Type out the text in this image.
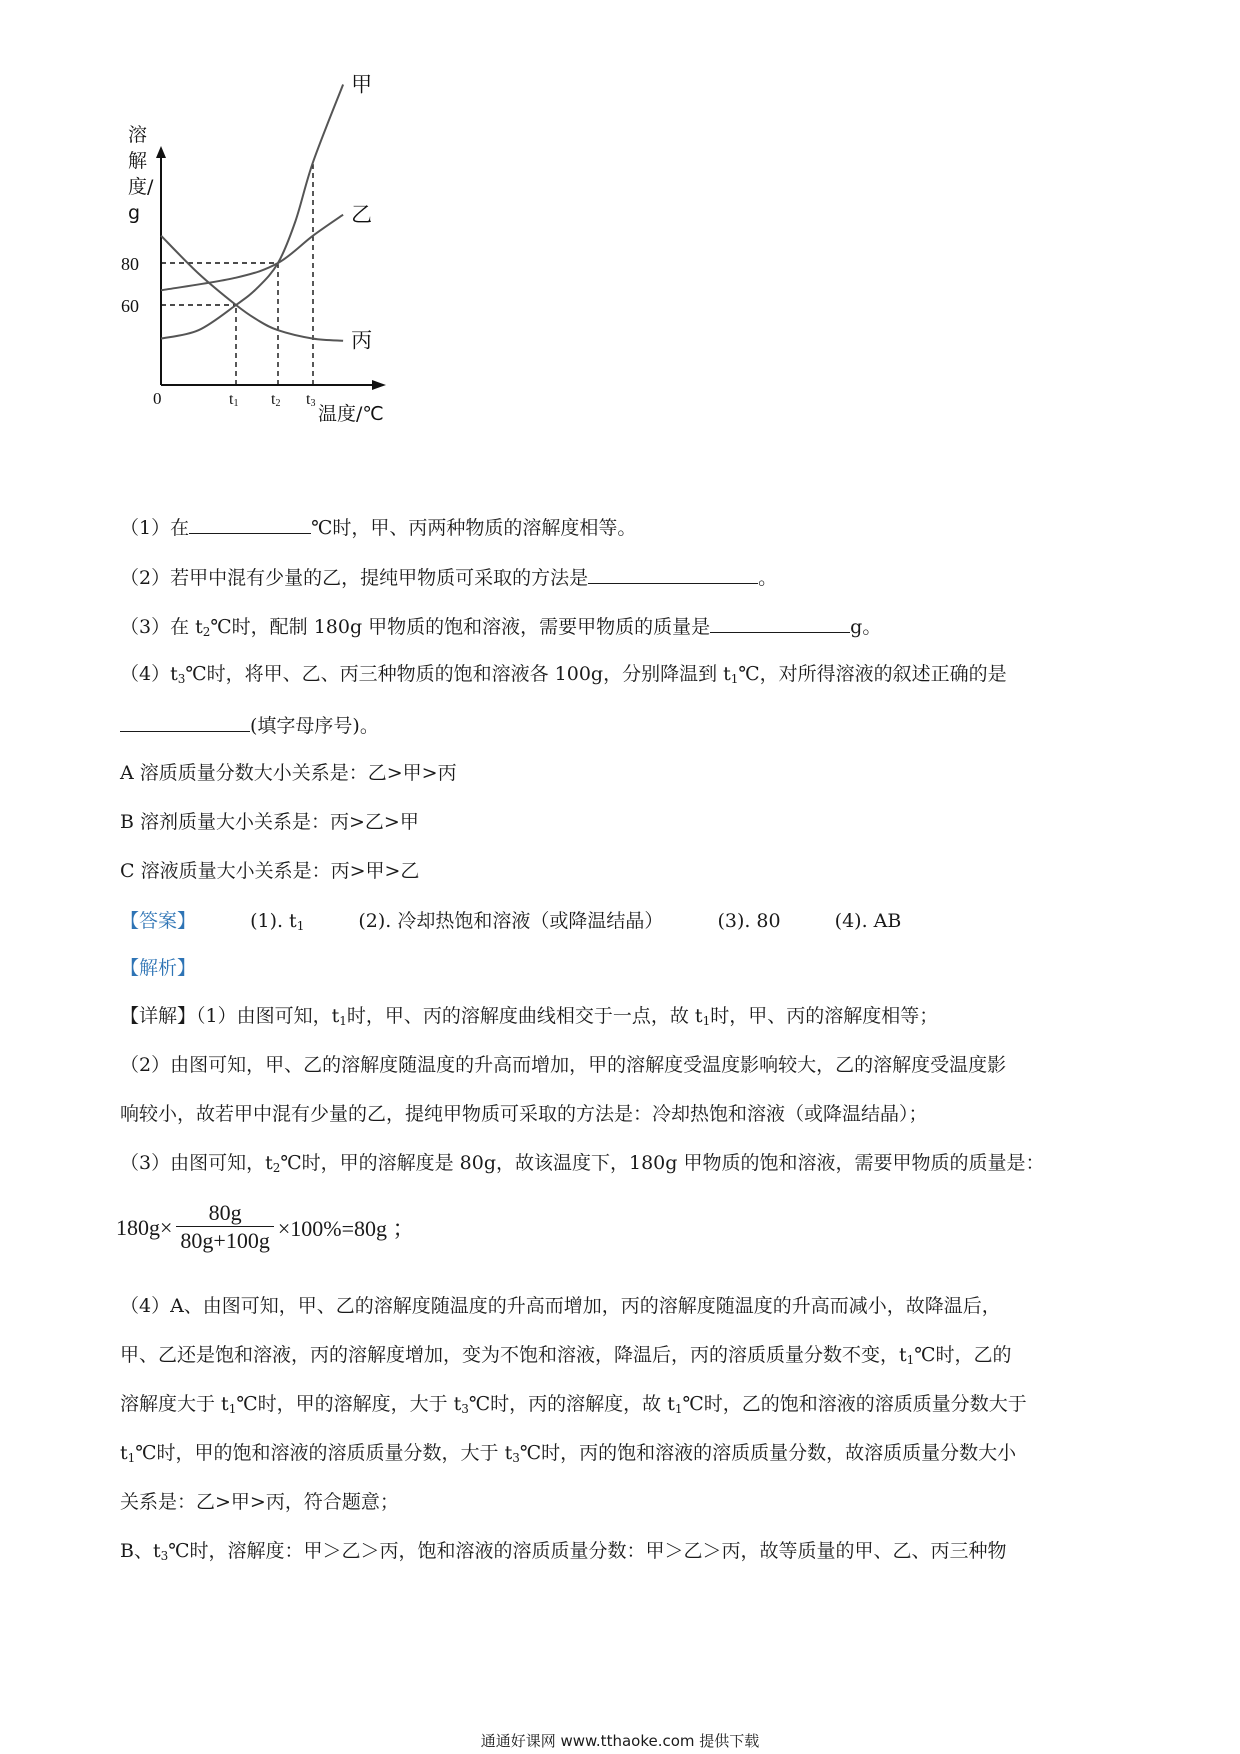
甲
乙
丙
60
80
0	t1 t2 t3 温度/℃
溶解度/g
（1）在	℃时，甲、丙两种物质的溶解度相等。
（2）若甲中混有少量的乙，提纯甲物质可采取的方法是	。
（3）在 $t_2℃$时，配制 180g 甲物质的饱和溶液，需要甲物质的质量是	g。
$(4)t_3℃$时，将甲、乙、丙三种物质的饱和溶液各 100g，分别降温到 $t_1℃$，对所得溶液的叙述正确的是
(填字母序号)。
A 溶质质量分数大小关系是：乙>甲>丙
B 溶剂质量大小关系是：丙>乙>甲
C 溶液质量大小关系是：丙>甲>乙
【答案】	(1). $t_1$	(2). 冷却热饱和溶液（或降温结晶）	(3). 80	(4). AB
【解析】
【详解】（1）由图可知，$t_1$时，甲、丙的溶解度曲线相交于一点，故 $t_1$时，甲、丙的溶解度相等；
（2）由图可知，甲、乙的溶解度随温度的升高而增加，甲的溶解度受温度影响较大，乙的溶解度受温度影
响较小，故若甲中混有少量的乙，提纯甲物质可采取的方法是：冷却热饱和溶液（或降温结晶）；
（3）由图可知，$t_2℃$时，甲的溶解度是 80g，故该温度下，180g 甲物质的饱和溶液，需要甲物质的质量是：
$180g\times \frac{80g}{80g+100g} \times 100\%=80g$ ；
（4）A、由图可知，甲、乙的溶解度随温度的升高而增加，丙的溶解度随温度的升高而减小，故降温后，
甲、乙还是饱和溶液，丙的溶解度增加，变为不饱和溶液，降温后，丙的溶质质量分数不变，$t_1℃$时，乙的
溶解度大于 $t_1℃$时，甲的溶解度，大于 $t_3℃$时，丙的溶解度，故 $t_1℃$时，乙的饱和溶液的溶质质量分数大于
$t_1℃$时，甲的饱和溶液的溶质质量分数，大于 $t_3℃$时，丙的饱和溶液的溶质质量分数，故溶质质量分数大小
关系是：乙>甲>丙，符合题意；
B、$t_3℃$时，溶解度：甲＞乙＞丙，饱和溶液的溶质质量分数：甲＞乙＞丙，故等质量的甲、乙、丙三种物
通通好课网 www.tthaoke.com 提供下载
